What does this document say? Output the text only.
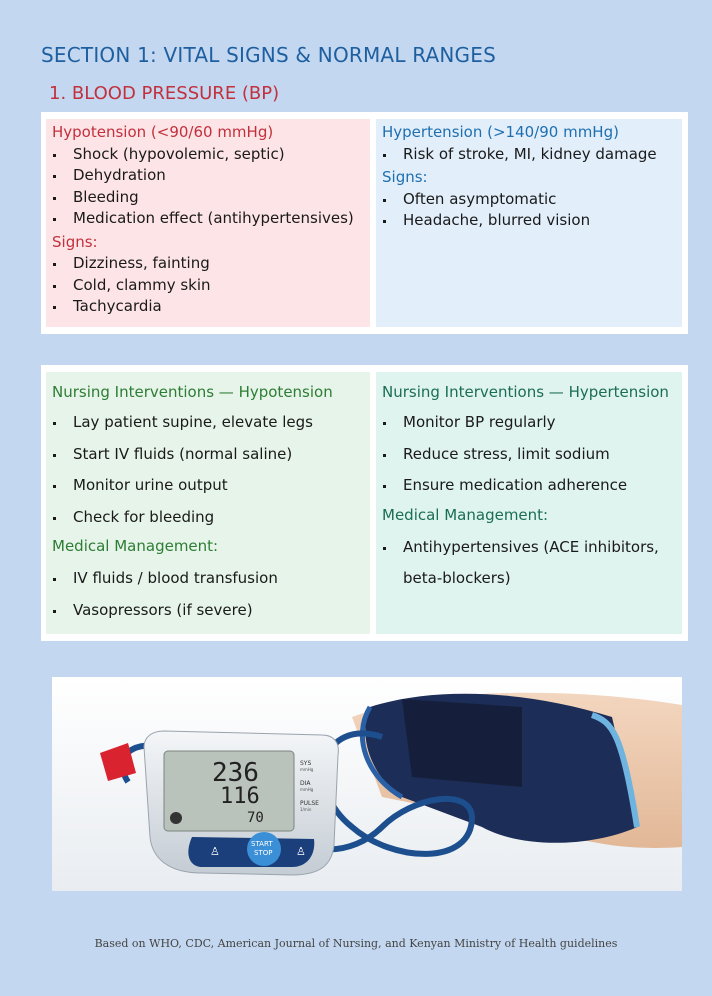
SECTION 1: VITAL SIGNS & NORMAL RANGES
1. BLOOD PRESSURE (BP)

Hypotension (<90/60 mmHg)

Shock (hypovolemic, septic)
Dehydration
Bleeding
Medication effect (antihypertensives)

Signs:

Dizziness, fainting
Cold, clammy skin
Tachycardia

Hypertension (>140/90 mmHg)

Risk of stroke, MI, kidney damage

Signs:

Often asymptomatic
Headache, blurred vision

Nursing Interventions — Hypotension

Lay patient supine, elevate legs
Start IV fluids (normal saline)
Monitor urine output
Check for bleeding

Medical Management:

IV fluids / blood transfusion
Vasopressors (if severe)

Nursing Interventions — Hypertension

Monitor BP regularly
Reduce stress, limit sodium
Ensure medication adherence

Medical Management:

Antihypertensives (ACE inhibitors, beta-blockers)
236
116
70
SYS
mmHg
DIA
mmHg
PULSE
1/min
START
STOP
♙	♙
Based on WHO, CDC, American Journal of Nursing, and Kenyan Ministry of Health guidelines
